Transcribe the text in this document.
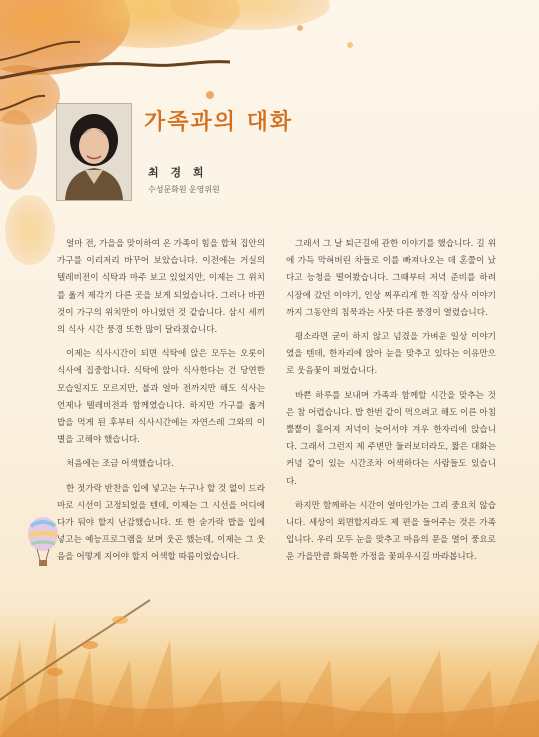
가족과의 대화
최 경 희
수성문화원 운영위원

얼마 전, 가을을 맞이하여 온 가족이 힘을 합쳐 집안의 가구를 이리저리 바꾸어 보았습니다. 이전에는 거실의 텔레비전이 식탁과 마주 보고 있었지만, 이제는 그 위치를 옮겨 제각기 다른 곳을 보게 되었습니다. 그러나 바뀐 것이 가구의 위치만이 아니었던 것 같습니다. 삼시 세끼의 식사 시간 풍경 또한 많이 달라졌습니다.

이제는 식사시간이 되면 식탁에 앉은 모두는 오롯이 식사에 집중합니다. 식탁에 앉아 식사한다는 건 당연한 모습일지도 모르지만, 불과 얼마 전까지만 해도 식사는 언제나 텔레비전과 함께였습니다. 하지만 가구를 옮겨 밥을 먹게 된 후부터 식사시간에는 자연스레 그와의 이별을 고해야 했습니다.

처음에는 조금 어색했습니다.

한 젓가락 반찬을 입에 넣고는 누구나 할 것 없이 드라마로 시선이 고정되었을 텐데, 이제는 그 시선을 어디에다가 둬야 할지 난감했습니다. 또 한 숟가락 밥을 입에 넣고는 예능프로그램을 보며 웃곤 했는데, 이제는 그 웃음을 어떻게 지어야 할지 어색할 따름이었습니다.

그래서 그 날 퇴근길에 관한 이야기를 했습니다. 길 위에 가득 막혀버린 차들로 이를 빠져나오는 데 혼쭐이 났다고 능청을 떨어봤습니다. 그때부터 저녁 준비를 하려 시장에 갔던 이야기, 인상 찌푸리게 한 직장 상사 이야기까지 그동안의 침묵과는 사뭇 다른 풍경이 열렸습니다.

평소라면 굳이 하지 않고 넘겼을 가벼운 일상 이야기였을 텐데, 한자리에 앉아 눈을 맞추고 있다는 이유만으로 웃음꽃이 피었습니다.

바쁜 하루를 보내며 가족과 함께할 시간을 맞추는 것은 참 어렵습니다. 밥 한번 같이 먹으려고 해도 이른 아침 뿔뿔이 흩어져 저녁이 늦어서야 겨우 한자리에 앉습니다. 그래서 그런지 제 주변만 둘러보더라도, 짧은 대화는커녕 같이 있는 시간조차 어색하다는 사람들도 있습니다.

하지만 함께하는 시간이 얼마인가는 그리 중요치 않습니다. 세상이 외면할지라도 제 편을 들어주는 것은 가족입니다. 우리 모두 눈을 맞추고 마음의 문을 열어 풍요로운 가을만큼 화목한 가정을 꽃피우시길 바라봅니다.
